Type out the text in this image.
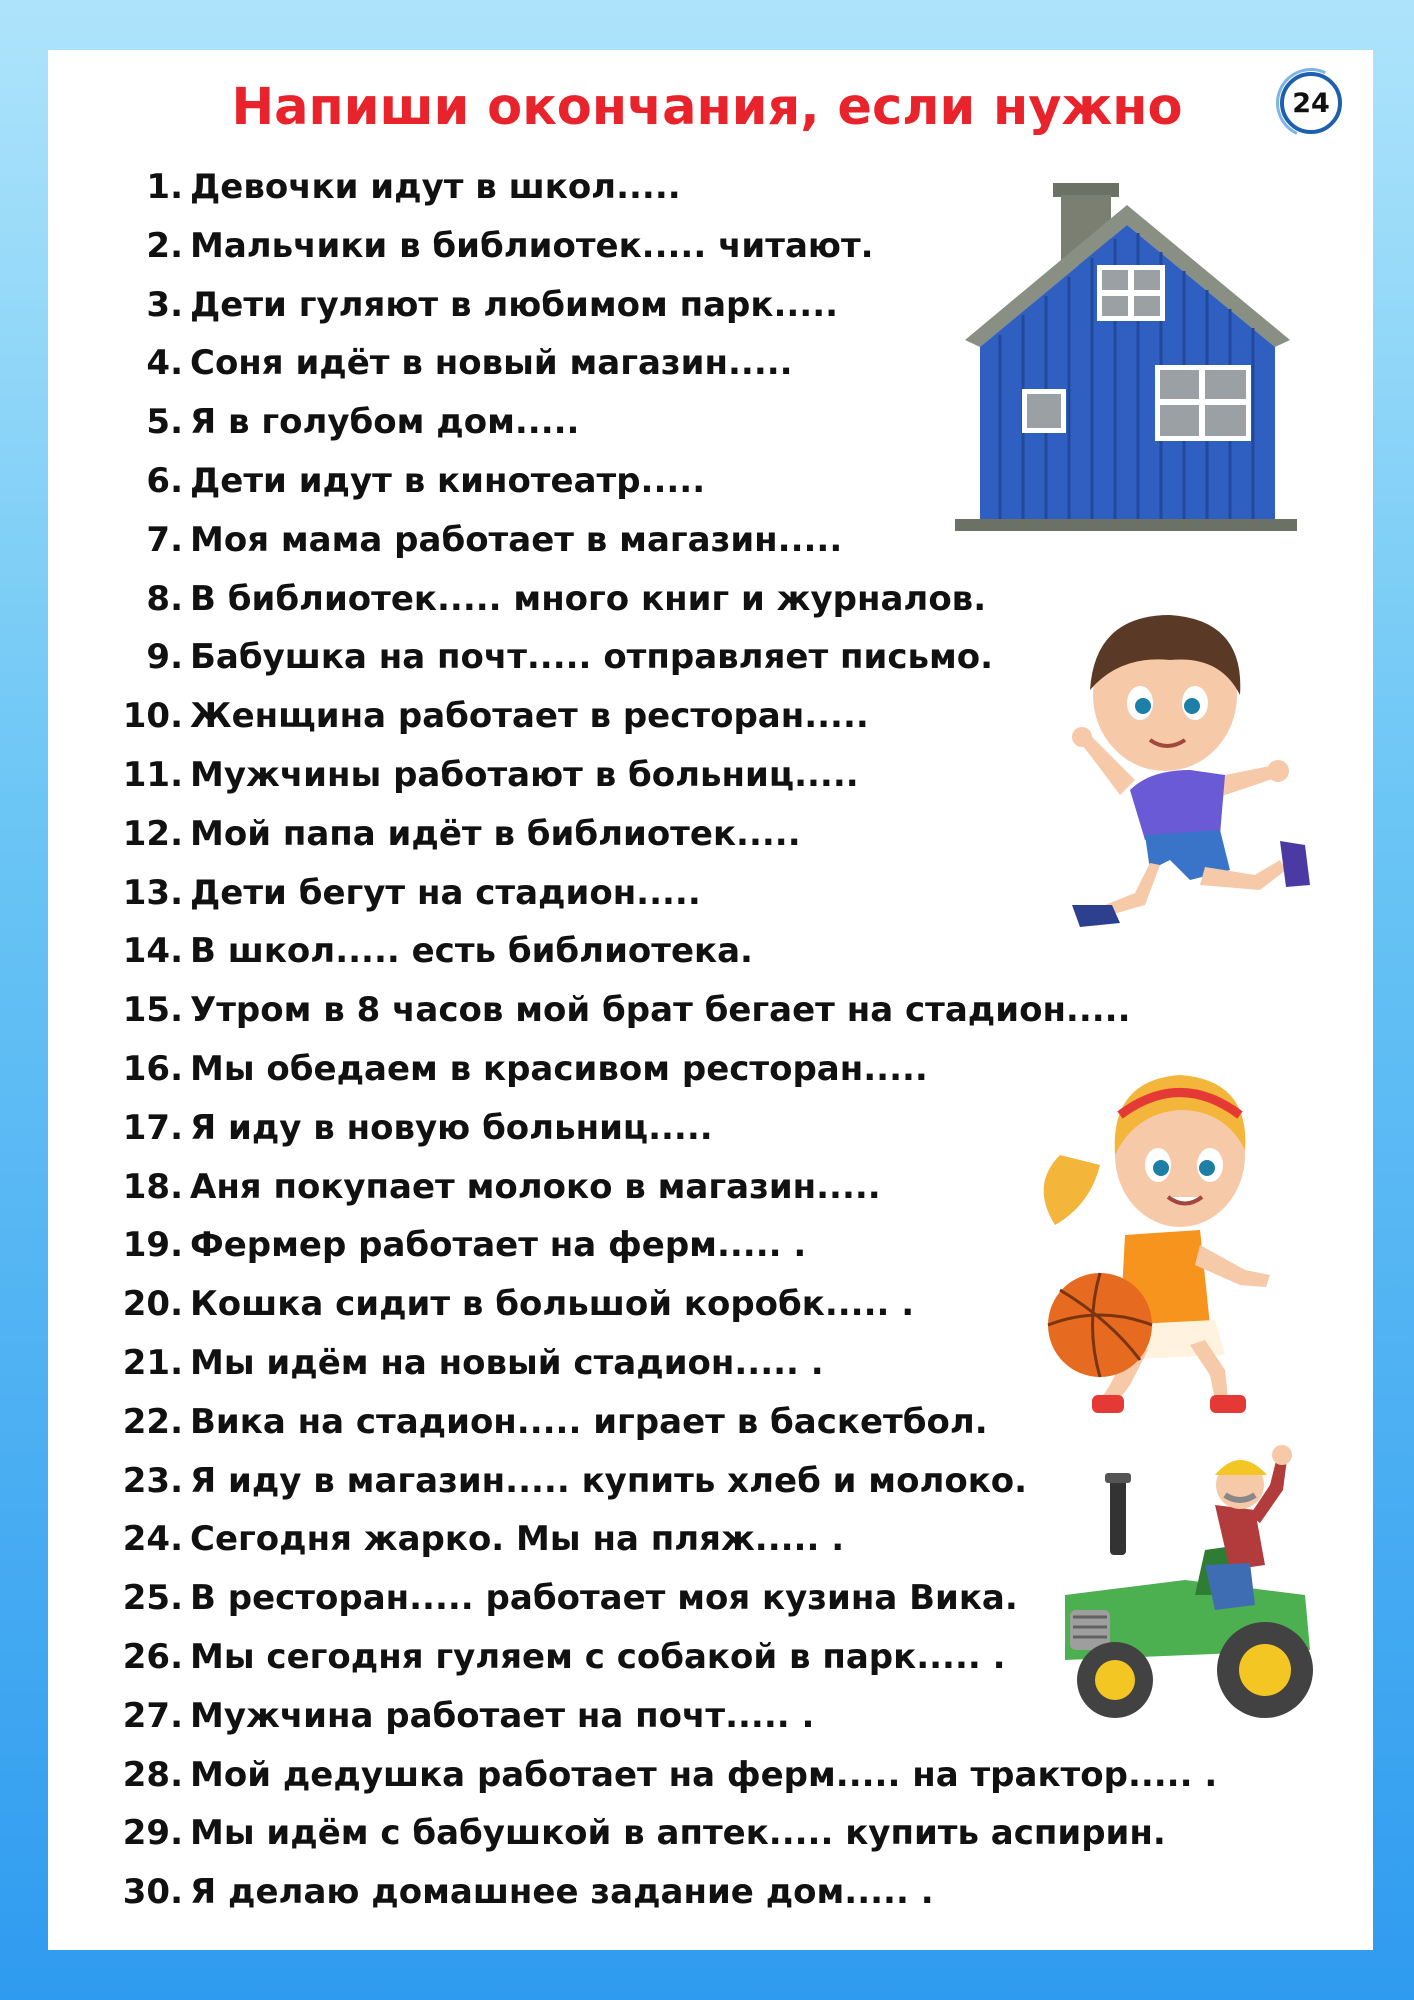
Напиши окончания, если нужно	24
1. Девочки идут в школ.....
2. Мальчики в библиотек..... читают.
3. Дети гуляют в любимом парк.....
4. Соня идёт в новый магазин.....
5. Я в голубом дом.....
6. Дети идут в кинотеатр.....
7. Моя мама работает в магазин.....
8. В библиотек..... много книг и журналов.
9. Бабушка на почт..... отправляет письмо.
10. Женщина работает в ресторан.....
11. Мужчины работают в больниц.....
12. Мой папа идёт в библиотек.....
13. Дети бегут на стадион.....
14. В школ..... есть библиотека.
15. Утром в 8 часов мой брат бегает на стадион.....
16. Мы обедаем в красивом ресторан.....
17. Я иду в новую больниц.....
18. Аня покупает молоко в магазин.....
19. Фермер работает на ферм..... .
20. Кошка сидит в большой коробк..... .
21. Мы идём на новый стадион..... .
22. Вика на стадион..... играет в баскетбол.
23. Я иду в магазин..... купить хлеб и молоко.
24. Сегодня жарко. Мы на пляж..... .
25. В ресторан..... работает моя кузина Вика.
26. Мы сегодня гуляем с собакой в парк..... .
27. Мужчина работает на почт..... .
28. Мой дедушка работает на ферм..... на трактор..... .
29. Мы идём с бабушкой в аптек..... купить аспирин.
30. Я делаю домашнее задание дом..... .
